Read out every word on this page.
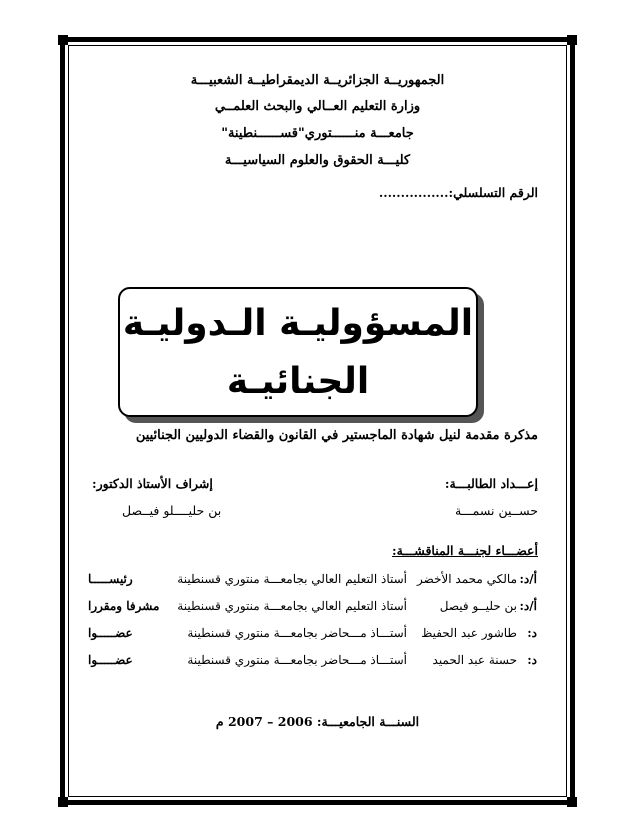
الجمهوريــة الجزائريــة الديمقراطيــة الشعبيـــة
وزارة التعليم العــالي والبحث العلمــي
جامعـــة منــــــتوري"قســــــنطينة"
كليـــة الحقوق والعلوم السياسيـــة
الرقم التسلسلي:................
المسؤوليـة الـدوليـة
الجنائيـة
مذكرة مقدمة لنيل شهادة الماجستير في القانون والقضاء الدوليين الجنائيين
إعـــداد الطالبـــة:
حســين نسمـــة
إشراف الأستاذ الدكتور:
بن حليــــلو فيــصل
أعضـــاء لجنـــة المناقشـــة:
أ/د:
مالكي محمد الأخضر
أستاذ التعليم العالي بجامعـــة منتوري قسنطينة
رئيســـــا
أ/د:
بن حليــو فيصل
أستاذ التعليم العالي بجامعـــة منتوري قسنطينة
مشرفا ومقررا
د:
طاشور عبد الحفيظ
أستـــاذ مـــحاضر بجامعـــة منتوري قسنطينة
عضـــــوا
د:
حسنة عبد الحميد
أستـــاذ مـــحاضر بجامعـــة منتوري قسنطينة
عضـــــوا
السنـــة الجامعيـــة: 2006 – 2007 م
